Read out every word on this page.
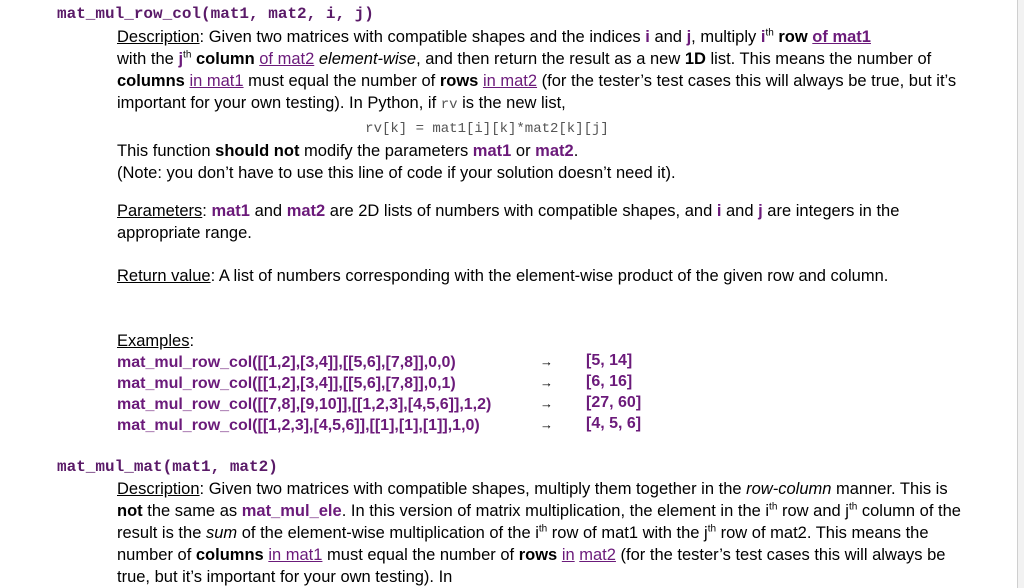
mat_mul_row_col(mat1, mat2, i, j)
Description: Given two matrices with compatible shapes and the indices i and j, multiply $i^{th}$ row of mat1
with the $j^{th}$ column of mat2 element-wise, and then return the result as a new 1D list. This means the number of columns in mat1 must equal the number of rows in mat2 (for the tester’s test cases this will always be true, but it’s important for your own testing). In Python, if rv is the new list,
rv[k] = mat1[i][k]*mat2[k][j]
This function should not modify the parameters mat1 or mat2.
(Note: you don’t have to use this line of code if your solution doesn’t need it).
Parameters: mat1 and mat2 are 2D lists of numbers with compatible shapes, and i and j are integers in the appropriate range.
Return value: A list of numbers corresponding with the element-wise product of the given row and column.
Examples:
mat_mul_row_col([[1,2],[3,4]],[[5,6],[7,8]],0,0)	→ [5, 14]
mat_mul_row_col([[1,2],[3,4]],[[5,6],[7,8]],0,1)	→ [6, 16]
mat_mul_row_col([[7,8],[9,10]],[[1,2,3],[4,5,6]],1,2)	→ [27, 60]
mat_mul_row_col([[1,2,3],[4,5,6]],[[1],[1],[1]],1,0)	→ [4, 5, 6]
mat_mul_mat(mat1, mat2)
Description: Given two matrices with compatible shapes, multiply them together in the row-column manner. This is not the same as mat_mul_ele. In this version of matrix multiplication, the element in the $i^{th}$ row and $j^{th}$ column of the result is the sum of the element-wise multiplication of the $i^{th}$ row of mat1 with the $j^{th}$ row of mat2. This means the number of columns in mat1 must equal the number of rows in mat2 (for the tester’s test cases this will always be true, but it’s important for your own testing). In
